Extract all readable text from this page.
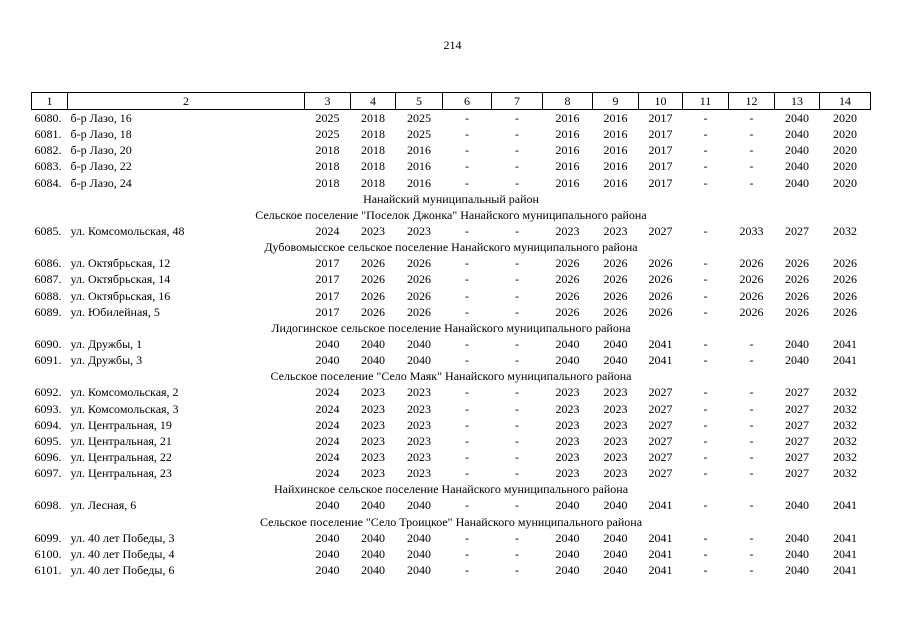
214
1	2	3	4	5	6	7	8	9	10	11	12	13	14
6080.	б-р Лазо, 16	2025	2018	2025	-	-	2016	2016	2017	-	-	2040	2020
6081.	б-р Лазо, 18	2025	2018	2025	-	-	2016	2016	2017	-	-	2040	2020
6082.	б-р Лазо, 20	2018	2018	2016	-	-	2016	2016	2017	-	-	2040	2020
6083.	б-р Лазо, 22	2018	2018	2016	-	-	2016	2016	2017	-	-	2040	2020
6084.	б-р Лазо, 24	2018	2018	2016	-	-	2016	2016	2017	-	-	2040	2020
Нанайский муниципальный район													
Сельское поселение "Поселок Джонка" Нанайского муниципального района													
6085.	ул. Комсомольская, 48	2024	2023	2023	-	-	2023	2023	2027	-	2033	2027	2032
Дубовомысское сельское поселение Нанайского муниципального района													
6086.	ул. Октябрьская, 12	2017	2026	2026	-	-	2026	2026	2026	-	2026	2026	2026
6087.	ул. Октябрьская, 14	2017	2026	2026	-	-	2026	2026	2026	-	2026	2026	2026
6088.	ул. Октябрьская, 16	2017	2026	2026	-	-	2026	2026	2026	-	2026	2026	2026
6089.	ул. Юбилейная, 5	2017	2026	2026	-	-	2026	2026	2026	-	2026	2026	2026
Лидогинское сельское поселение Нанайского муниципального района													
6090.	ул. Дружбы, 1	2040	2040	2040	-	-	2040	2040	2041	-	-	2040	2041
6091.	ул. Дружбы, 3	2040	2040	2040	-	-	2040	2040	2041	-	-	2040	2041
Сельское поселение "Село Маяк" Нанайского муниципального района													
6092.	ул. Комсомольская, 2	2024	2023	2023	-	-	2023	2023	2027	-	-	2027	2032
6093.	ул. Комсомольская, 3	2024	2023	2023	-	-	2023	2023	2027	-	-	2027	2032
6094.	ул. Центральная, 19	2024	2023	2023	-	-	2023	2023	2027	-	-	2027	2032
6095.	ул. Центральная, 21	2024	2023	2023	-	-	2023	2023	2027	-	-	2027	2032
6096.	ул. Центральная, 22	2024	2023	2023	-	-	2023	2023	2027	-	-	2027	2032
6097.	ул. Центральная, 23	2024	2023	2023	-	-	2023	2023	2027	-	-	2027	2032
Найхинское сельское поселение Нанайского муниципального района													
6098.	ул. Лесная, 6	2040	2040	2040	-	-	2040	2040	2041	-	-	2040	2041
Сельское поселение "Село Троицкое" Нанайского муниципального района													
6099.	ул. 40 лет Победы, 3	2040	2040	2040	-	-	2040	2040	2041	-	-	2040	2041
6100.	ул. 40 лет Победы, 4	2040	2040	2040	-	-	2040	2040	2041	-	-	2040	2041
6101.	ул. 40 лет Победы, 6	2040	2040	2040	-	-	2040	2040	2041	-	-	2040	2041
